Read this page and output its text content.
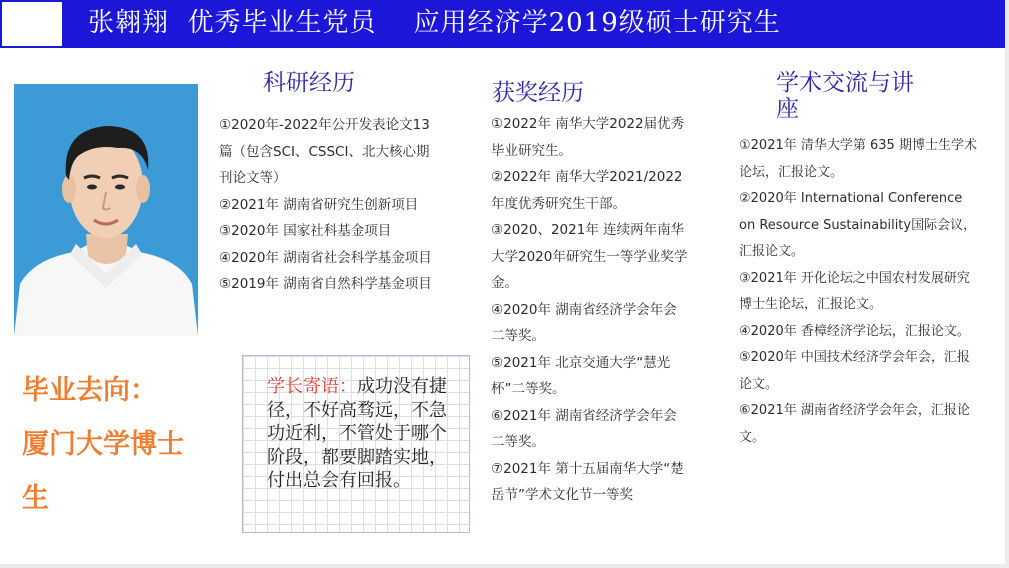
张翱翔  优秀毕业生党员    应用经济学2019级硕士研究生
毕业去向：
厦门大学博士生
科研经历
①2020年-2022年公开发表论文13篇（包含SCI、CSSCI、北大核心期刊论文等）
②2021年 湖南省研究生创新项目
③2020年 国家社科基金项目
④2020年 湖南省社会科学基金项目
⑤2019年 湖南省自然科学基金项目
获奖经历
①2022年 南华大学2022届优秀毕业研究生。
②2022年 南华大学2021/2022年度优秀研究生干部。
③2020、2021年 连续两年南华大学2020年研究生一等学业奖学金。
④2020年 湖南省经济学会年会二等奖。
⑤2021年 北京交通大学“慧光杯”二等奖。
⑥2021年 湖南省经济学会年会二等奖。
⑦2021年 第十五届南华大学“楚岳节”学术文化节一等奖
学术交流与讲座
①2021年 清华大学第 635 期博士生学术论坛，汇报论文。
②2020年 International Conference on Resource Sustainability国际会议，汇报论文。
③2021年 开化论坛之中国农村发展研究博士生论坛，汇报论文。
④2020年 香樟经济学论坛，汇报论文。
⑤2020年 中国技术经济学会年会，汇报论文。
⑥2021年 湖南省经济学会年会，汇报论文。

学长寄语：成功没有捷径，不好高骛远，不急功近利，不管处于哪个阶段，都要脚踏实地，付出总会有回报。
